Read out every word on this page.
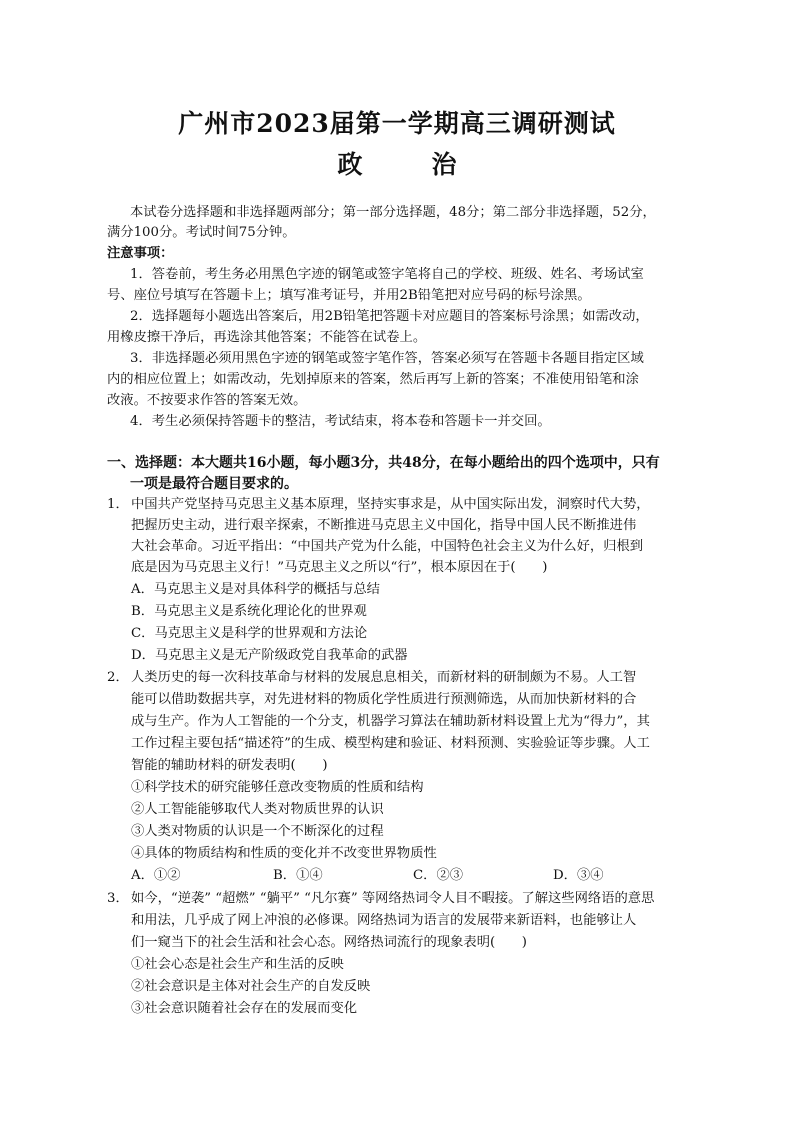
广州市2023届第一学期高三调研测试
政　治
本试卷分选择题和非选择题两部分；第一部分选择题，48分；第二部分非选择题，52分，
满分100分。考试时间75分钟。
注意事项：
1．答卷前，考生务必用黑色字迹的钢笔或签字笔将自己的学校、班级、姓名、考场试室
号、座位号填写在答题卡上；填写准考证号，并用2B铅笔把对应号码的标号涂黑。
2．选择题每小题选出答案后，用2B铅笔把答题卡对应题目的答案标号涂黑；如需改动，
用橡皮擦干净后，再选涂其他答案；不能答在试卷上。
3．非选择题必须用黑色字迹的钢笔或签字笔作答，答案必须写在答题卡各题目指定区域
内的相应位置上；如需改动，先划掉原来的答案，然后再写上新的答案；不准使用铅笔和涂
改液。不按要求作答的答案无效。
4．考生必须保持答题卡的整洁，考试结束，将本卷和答题卡一并交回。
一、选择题：本大题共16小题，每小题3分，共48分，在每小题给出的四个选项中，只有
一项是最符合题目要求的。
1． 中国共产党坚持马克思主义基本原理，坚持实事求是，从中国实际出发，洞察时代大势，
把握历史主动，进行艰辛探索，不断推进马克思主义中国化，指导中国人民不断推进伟
大社会革命。习近平指出：“中国共产党为什么能，中国特色社会主义为什么好，归根到
底是因为马克思主义行！”马克思主义之所以“行”，根本原因在于(　　)
A．马克思主义是对具体科学的概括与总结
B．马克思主义是系统化理论化的世界观
C．马克思主义是科学的世界观和方法论
D．马克思主义是无产阶级政党自我革命的武器
2． 人类历史的每一次科技革命与材料的发展息息相关，而新材料的研制颇为不易。人工智
能可以借助数据共享，对先进材料的物质化学性质进行预测筛选，从而加快新材料的合
成与生产。作为人工智能的一个分支，机器学习算法在辅助新材料设置上尤为“得力”，其
工作过程主要包括“描述符”的生成、模型构建和验证、材料预测、实验验证等步骤。人工
智能的辅助材料的研发表明(　　)
①科学技术的研究能够任意改变物质的性质和结构
②人工智能能够取代人类对物质世界的认识
③人类对物质的认识是一个不断深化的过程
④具体的物质结构和性质的变化并不改变世界物质性
A．①②	B．①④	C．②③	D．③④
3． 如今，“逆袭” “超燃” “躺平” “凡尔赛” 等网络热词令人目不暇接。了解这些网络语的意思
和用法，几乎成了网上冲浪的必修课。网络热词为语言的发展带来新语料，也能够让人
们一窥当下的社会生活和社会心态。网络热词流行的现象表明(　　)
①社会心态是社会生产和生活的反映
②社会意识是主体对社会生产的自发反映
③社会意识随着社会存在的发展而变化
